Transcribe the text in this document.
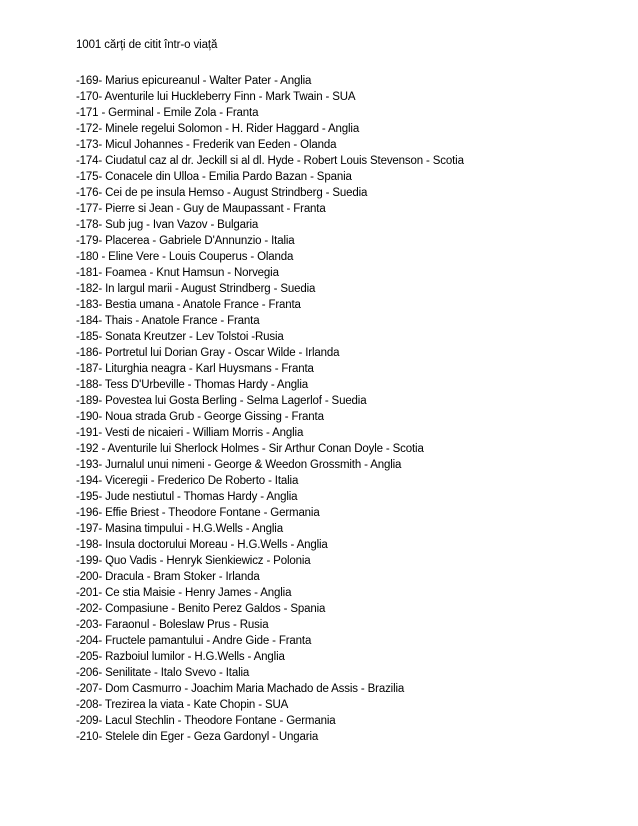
1001 cărți de citit într-o viață
-169- Marius epicureanul - Walter Pater - Anglia
-170- Aventurile lui Huckleberry Finn - Mark Twain - SUA
-171 - Germinal - Emile Zola - Franta
-172- Minele regelui Solomon - H. Rider Haggard - Anglia
-173- Micul Johannes - Frederik van Eeden - Olanda
-174- Ciudatul caz al dr. Jeckill si al dl. Hyde - Robert Louis Stevenson - Scotia
-175- Conacele din Ulloa - Emilia Pardo Bazan - Spania
-176- Cei de pe insula Hemso - August Strindberg - Suedia
-177- Pierre si Jean - Guy de Maupassant - Franta
-178- Sub jug - Ivan Vazov - Bulgaria
-179- Placerea - Gabriele D'Annunzio - Italia
-180 - Eline Vere - Louis Couperus - Olanda
-181- Foamea - Knut Hamsun - Norvegia
-182- In largul marii - August Strindberg - Suedia
-183- Bestia umana - Anatole France - Franta
-184- Thais - Anatole France - Franta
-185- Sonata Kreutzer - Lev Tolstoi -Rusia
-186- Portretul lui Dorian Gray - Oscar Wilde - Irlanda
-187- Liturghia neagra - Karl Huysmans - Franta
-188- Tess D'Urbeville - Thomas Hardy - Anglia
-189- Povestea lui Gosta Berling - Selma Lagerlof - Suedia
-190- Noua strada Grub - George Gissing - Franta
-191- Vesti de nicaieri - William Morris - Anglia
-192 - Aventurile lui Sherlock Holmes - Sir Arthur Conan Doyle - Scotia
-193- Jurnalul unui nimeni - George & Weedon Grossmith - Anglia
-194- Viceregii - Frederico De Roberto - Italia
-195- Jude nestiutul - Thomas Hardy - Anglia
-196- Effie Briest - Theodore Fontane - Germania
-197- Masina timpului - H.G.Wells - Anglia
-198- Insula doctorului Moreau - H.G.Wells - Anglia
-199- Quo Vadis - Henryk Sienkiewicz - Polonia
-200- Dracula - Bram Stoker - Irlanda
-201- Ce stia Maisie - Henry James - Anglia
-202- Compasiune - Benito Perez Galdos - Spania
-203- Faraonul - Boleslaw Prus - Rusia
-204- Fructele pamantului - Andre Gide - Franta
-205- Razboiul lumilor - H.G.Wells - Anglia
-206- Senilitate - Italo Svevo - Italia
-207- Dom Casmurro - Joachim Maria Machado de Assis - Brazilia
-208- Trezirea la viata - Kate Chopin - SUA
-209- Lacul Stechlin - Theodore Fontane - Germania
-210- Stelele din Eger - Geza Gardonyl - Ungaria
